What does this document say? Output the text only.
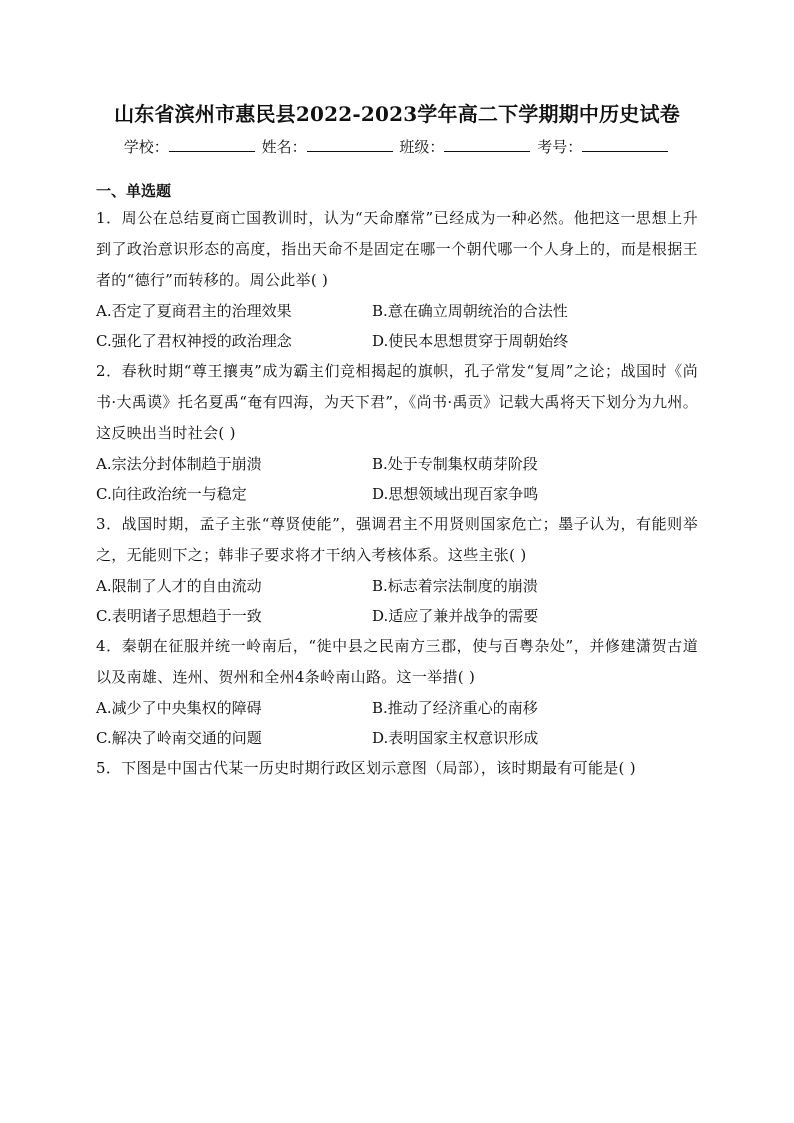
山东省滨州市惠民县2022-2023学年高二下学期期中历史试卷
学校：	姓名：	班级：	考号：
一、单选题

1．周公在总结夏商亡国教训时，认为“天命靡常”已经成为一种必然。他把这一思想上升到了政治意识形态的高度，指出天命不是固定在哪一个朝代哪一个人身上的，而是根据王者的“德行”而转移的。周公此举( )

A.否定了夏商君主的治理效果	B.意在确立周朝统治的合法性
C.强化了君权神授的政治理念	D.使民本思想贯穿于周朝始终

2．春秋时期“尊王攘夷”成为霸主们竞相揭起的旗帜，孔子常发“复周”之论；战国时《尚书·大禹谟》托名夏禹“奄有四海，为天下君”，《尚书·禹贡》记载大禹将天下划分为九州。这反映出当时社会( )

A.宗法分封体制趋于崩溃	B.处于专制集权萌芽阶段
C.向往政治统一与稳定	D.思想领域出现百家争鸣

3．战国时期，孟子主张“尊贤使能”，强调君主不用贤则国家危亡；墨子认为，有能则举之，无能则下之；韩非子要求将才干纳入考核体系。这些主张( )

A.限制了人才的自由流动	B.标志着宗法制度的崩溃
C.表明诸子思想趋于一致	D.适应了兼并战争的需要

4．秦朝在征服并统一岭南后，“徙中县之民南方三郡，使与百粤杂处”，并修建潇贺古道以及南雄、连州、贺州和全州4条岭南山路。这一举措( )

A.减少了中央集权的障碍	B.推动了经济重心的南移
C.解决了岭南交通的问题	D.表明国家主权意识形成

5．下图是中国古代某一历史时期行政区划示意图（局部），该时期最有可能是( )
